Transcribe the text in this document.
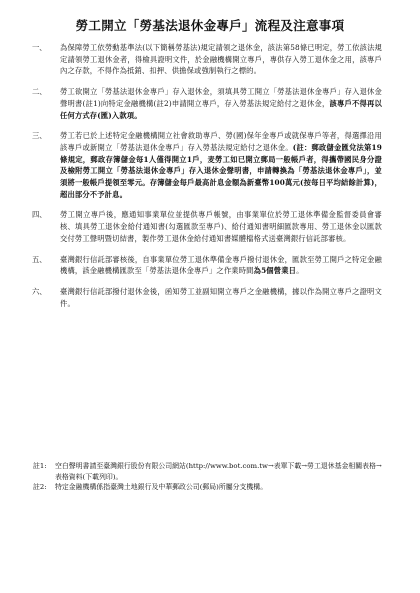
勞工開立「勞基法退休金專戶」流程及注意事項
一、	為保障勞工依勞動基準法(以下簡稱勞基法)規定請領之退休金，該法第58條已明定，勞工依該法規定請領勞工退休金者，得檢具證明文件，於金融機構開立專戶，專供存入勞工退休金之用，該專戶內之存款，不得作為抵銷、扣押、供擔保或強制執行之標的。
二、	勞工欲開立「勞基法退休金專戶」存入退休金，須填具勞工開立「勞基法退休金專戶」存入退休金聲明書(註1)向特定金融機構(註2)申請開立專戶，存入勞基法規定給付之退休金，該專戶不得再以任何方式存(匯)入款項。
三、	勞工若已於上述特定金融機構開立社會救助專戶、勞(國)保年金專戶或就保專戶等者，得選擇沿用該專戶或新開立「勞基法退休金專戶」存入勞基法規定給付之退休金。(註：郵政儲金匯兌法第19條規定，郵政存簿儲金每1人僅得開立1戶，麦勞工如已開立郵局一般帳戶者，得攜帶國民身分證及檢附勞工開立「勞基法退休金專戶」存入退休金聲明書，申請轉換為「勞基法退休金專戶」，並須將一般帳戶提領至零元。存簿儲金每戶最高計息金額為新臺幣100萬元(按每日平均結餘計算)，超出部分不予計息。
四、	勞工開立專戶後，應通知事業單位並提供專戶帳號，由事業單位於勞工退休準備金監督委員會審核、填具勞工退休金給付通知書(勾選匯款至專戶)、給付通知書明細匯款專用、勞工退休金以匯款交付勞工聲明暨切結書，製作勞工退休金給付通知書媒體檔格式送臺灣銀行信託部審核。
五、	臺灣銀行信託部審核後，自事業單位勞工退休準備金專戶撥付退休金，匯款至勞工開戶之特定金融機構，該金融機構匯款至「勞基法退休金專戶」之作業時間為5個營業日。
六、	臺灣銀行信託部撥付退休金後，函知勞工並副知開立專戶之金融機構，據以作為開立專戶之證明文件。
註1: 空白聲明書請至臺灣銀行股份有限公司網站(http://www.bot.com.tw→表單下載→勞工退休基金相關表格→表格資料(下載列印)。
註2: 特定金融機構係指臺灣土地銀行及中華郵政公司(郵局)所屬分支機構。
